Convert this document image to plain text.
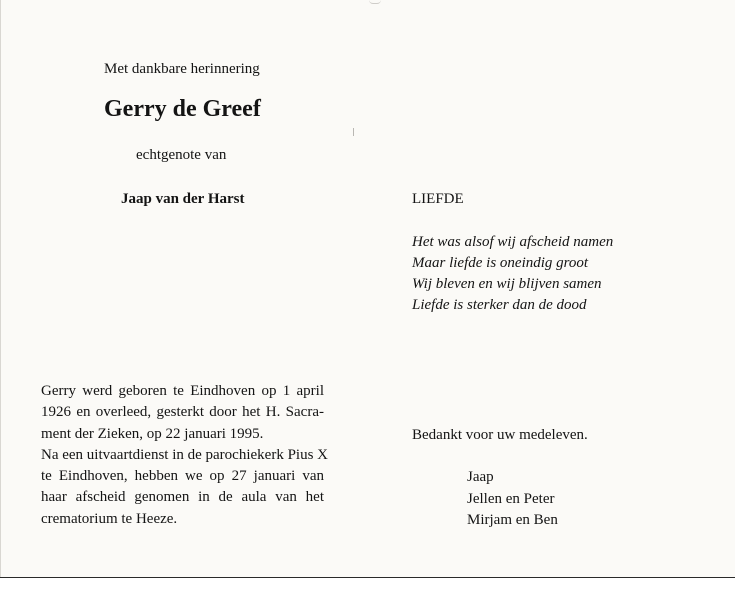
Met dankbare herinnering
Gerry de Greef
echtgenote van
Jaap van der Harst	LIEFDE
Het was alsof wij afscheid namen
Maar liefde is oneindig groot
Wij bleven en wij blijven samen
Liefde is sterker dan de dood
Gerry werd geboren te Eindhoven op 1 april
1926 en overleed, gesterkt door het H. Sacra-
ment der Zieken, op 22 januari 1995.
Na een uitvaartdienst in de parochiekerk Pius X
te Eindhoven, hebben we op 27 januari van
haar afscheid genomen in de aula van het
crematorium te Heeze.
Bedankt voor uw medeleven.
Jaap
Jellen en Peter
Mirjam en Ben
